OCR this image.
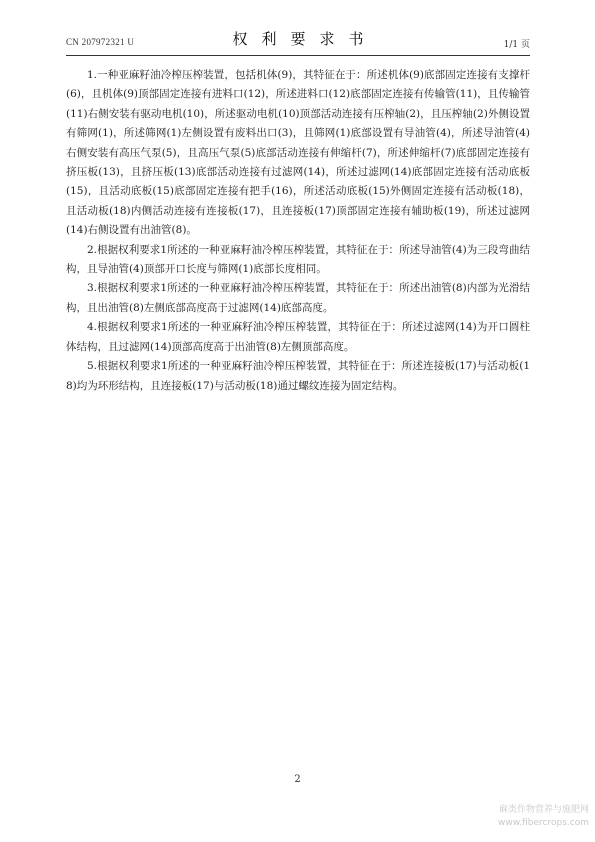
CN 207972321 U	权利要求书	1/1 页

1.一种亚麻籽油冷榨压榨装置，包括机体(9)，其特征在于：所述机体(9)底部固定连接有支撑杆(6)，且机体(9)顶部固定连接有进料口(12)，所述进料口(12)底部固定连接有传输管(11)，且传输管(11)右侧安装有驱动电机(10)，所述驱动电机(10)顶部活动连接有压榨轴(2)，且压榨轴(2)外侧设置有筛网(1)，所述筛网(1)左侧设置有废料出口(3)，且筛网(1)底部设置有导油管(4)，所述导油管(4)右侧安装有高压气泵(5)，且高压气泵(5)底部活动连接有伸缩杆(7)，所述伸缩杆(7)底部固定连接有挤压板(13)，且挤压板(13)底部活动连接有过滤网(14)，所述过滤网(14)底部固定连接有活动底板(15)，且活动底板(15)底部固定连接有把手(16)，所述活动底板(15)外侧固定连接有活动板(18)，且活动板(18)内侧活动连接有连接板(17)，且连接板(17)顶部固定连接有辅助板(19)，所述过滤网(14)右侧设置有出油管(8)。

2.根据权利要求1所述的一种亚麻籽油冷榨压榨装置，其特征在于：所述导油管(4)为三段弯曲结构，且导油管(4)顶部开口长度与筛网(1)底部长度相同。

3.根据权利要求1所述的一种亚麻籽油冷榨压榨装置，其特征在于：所述出油管(8)内部为光滑结构，且出油管(8)左侧底部高度高于过滤网(14)底部高度。

4.根据权利要求1所述的一种亚麻籽油冷榨压榨装置，其特征在于：所述过滤网(14)为开口圆柱体结构，且过滤网(14)顶部高度高于出油管(8)左侧顶部高度。

5.根据权利要求1所述的一种亚麻籽油冷榨压榨装置，其特征在于：所述连接板(17)与活动板(18)均为环形结构，且连接板(17)与活动板(18)通过螺纹连接为固定结构。

2
麻类作物营养与施肥网
www.fibercrops.com
